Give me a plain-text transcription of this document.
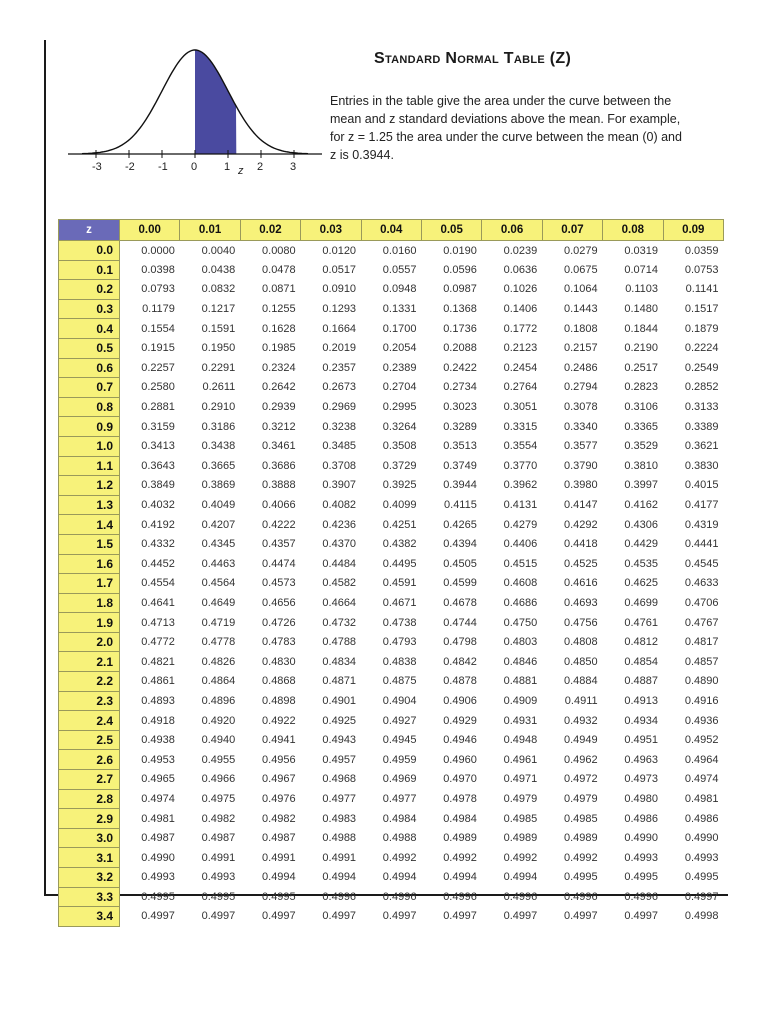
-3 -2 -1 0 1 2 3
z
Standard Normal Table (Z)
Entries in the table give the area under the curve between the mean and z standard deviations above the mean. For example, for z = 1.25 the area under the curve between the mean (0) and z is 0.3944.
z	0.00	0.01	0.02	0.03	0.04	0.05	0.06	0.07	0.08	0.09
0.0	0.0000	0.0040	0.0080	0.0120	0.0160	0.0190	0.0239	0.0279	0.0319	0.0359
0.1	0.0398	0.0438	0.0478	0.0517	0.0557	0.0596	0.0636	0.0675	0.0714	0.0753
0.2	0.0793	0.0832	0.0871	0.0910	0.0948	0.0987	0.1026	0.1064	0.1103	0.1141
0.3	0.1179	0.1217	0.1255	0.1293	0.1331	0.1368	0.1406	0.1443	0.1480	0.1517
0.4	0.1554	0.1591	0.1628	0.1664	0.1700	0.1736	0.1772	0.1808	0.1844	0.1879
0.5	0.1915	0.1950	0.1985	0.2019	0.2054	0.2088	0.2123	0.2157	0.2190	0.2224
0.6	0.2257	0.2291	0.2324	0.2357	0.2389	0.2422	0.2454	0.2486	0.2517	0.2549
0.7	0.2580	0.2611	0.2642	0.2673	0.2704	0.2734	0.2764	0.2794	0.2823	0.2852
0.8	0.2881	0.2910	0.2939	0.2969	0.2995	0.3023	0.3051	0.3078	0.3106	0.3133
0.9	0.3159	0.3186	0.3212	0.3238	0.3264	0.3289	0.3315	0.3340	0.3365	0.3389
1.0	0.3413	0.3438	0.3461	0.3485	0.3508	0.3513	0.3554	0.3577	0.3529	0.3621
1.1	0.3643	0.3665	0.3686	0.3708	0.3729	0.3749	0.3770	0.3790	0.3810	0.3830
1.2	0.3849	0.3869	0.3888	0.3907	0.3925	0.3944	0.3962	0.3980	0.3997	0.4015
1.3	0.4032	0.4049	0.4066	0.4082	0.4099	0.4115	0.4131	0.4147	0.4162	0.4177
1.4	0.4192	0.4207	0.4222	0.4236	0.4251	0.4265	0.4279	0.4292	0.4306	0.4319
1.5	0.4332	0.4345	0.4357	0.4370	0.4382	0.4394	0.4406	0.4418	0.4429	0.4441
1.6	0.4452	0.4463	0.4474	0.4484	0.4495	0.4505	0.4515	0.4525	0.4535	0.4545
1.7	0.4554	0.4564	0.4573	0.4582	0.4591	0.4599	0.4608	0.4616	0.4625	0.4633
1.8	0.4641	0.4649	0.4656	0.4664	0.4671	0.4678	0.4686	0.4693	0.4699	0.4706
1.9	0.4713	0.4719	0.4726	0.4732	0.4738	0.4744	0.4750	0.4756	0.4761	0.4767
2.0	0.4772	0.4778	0.4783	0.4788	0.4793	0.4798	0.4803	0.4808	0.4812	0.4817
2.1	0.4821	0.4826	0.4830	0.4834	0.4838	0.4842	0.4846	0.4850	0.4854	0.4857
2.2	0.4861	0.4864	0.4868	0.4871	0.4875	0.4878	0.4881	0.4884	0.4887	0.4890
2.3	0.4893	0.4896	0.4898	0.4901	0.4904	0.4906	0.4909	0.4911	0.4913	0.4916
2.4	0.4918	0.4920	0.4922	0.4925	0.4927	0.4929	0.4931	0.4932	0.4934	0.4936
2.5	0.4938	0.4940	0.4941	0.4943	0.4945	0.4946	0.4948	0.4949	0.4951	0.4952
2.6	0.4953	0.4955	0.4956	0.4957	0.4959	0.4960	0.4961	0.4962	0.4963	0.4964
2.7	0.4965	0.4966	0.4967	0.4968	0.4969	0.4970	0.4971	0.4972	0.4973	0.4974
2.8	0.4974	0.4975	0.4976	0.4977	0.4977	0.4978	0.4979	0.4979	0.4980	0.4981
2.9	0.4981	0.4982	0.4982	0.4983	0.4984	0.4984	0.4985	0.4985	0.4986	0.4986
3.0	0.4987	0.4987	0.4987	0.4988	0.4988	0.4989	0.4989	0.4989	0.4990	0.4990
3.1	0.4990	0.4991	0.4991	0.4991	0.4992	0.4992	0.4992	0.4992	0.4993	0.4993
3.2	0.4993	0.4993	0.4994	0.4994	0.4994	0.4994	0.4994	0.4995	0.4995	0.4995
3.3	0.4995	0.4995	0.4995	0.4996	0.4996	0.4996	0.4996	0.4996	0.4996	0.4997
3.4	0.4997	0.4997	0.4997	0.4997	0.4997	0.4997	0.4997	0.4997	0.4997	0.4998
